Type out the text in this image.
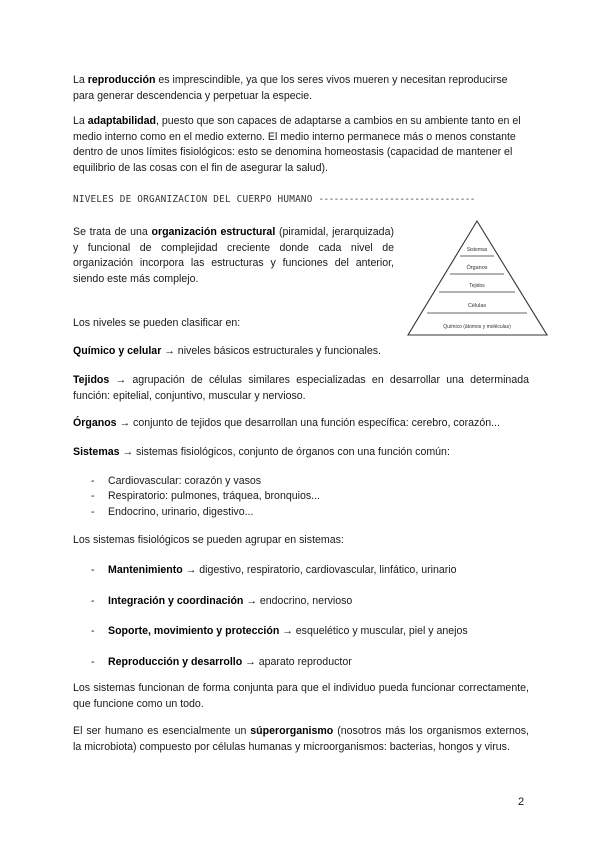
La reproducción es imprescindible, ya que los seres vivos mueren y necesitan reproducirse para generar descendencia y perpetuar la especie.

La adaptabilidad, puesto que son capaces de adaptarse a cambios en su ambiente tanto en el medio interno como en el medio externo. El medio interno permanece más o menos constante dentro de unos límites fisiológicos: esto se denomina homeostasis (capacidad de mantener el equilibrio de las cosas con el fin de asegurar la salud).

NIVELES DE ORGANIZACIÓN DEL CUERPO HUMANO -------------------------------

Se trata de una organización estructural (piramidal, jerarquizada) y funcional de complejidad creciente donde cada nivel de organización incorpora las estructuras y funciones del anterior, siendo este más complejo.

Sistemas
Órganos
Tejidos
Células
Químico (átomos y moléculas)

Los niveles se pueden clasificar en:

Químico y celular → niveles básicos estructurales y funcionales.

Tejidos → agrupación de células similares especializadas en desarrollar una determinada función: epitelial, conjuntivo, muscular y nervioso.

Órganos → conjunto de tejidos que desarrollan una función específica: cerebro, corazón...

Sistemas → sistemas fisiológicos, conjunto de órganos con una función común:

- Cardiovascular: corazón y vasos
- Respiratorio: pulmones, tráquea, bronquios...
- Endocrino, urinario, digestivo...

Los sistemas fisiológicos se pueden agrupar en sistemas:

- Mantenimiento → digestivo, respiratorio, cardiovascular, linfático, urinario
- Integración y coordinación → endocrino, nervioso
- Soporte, movimiento y protección → esquelético y muscular, piel y anejos
- Reproducción y desarrollo → aparato reproductor

Los sistemas funcionan de forma conjunta para que el individuo pueda funcionar correctamente, que funcione como un todo.

El ser humano es esencialmente un súperorganismo (nosotros más los organismos externos, la microbiota) compuesto por células humanas y microorganismos: bacterias, hongos y virus.

2
